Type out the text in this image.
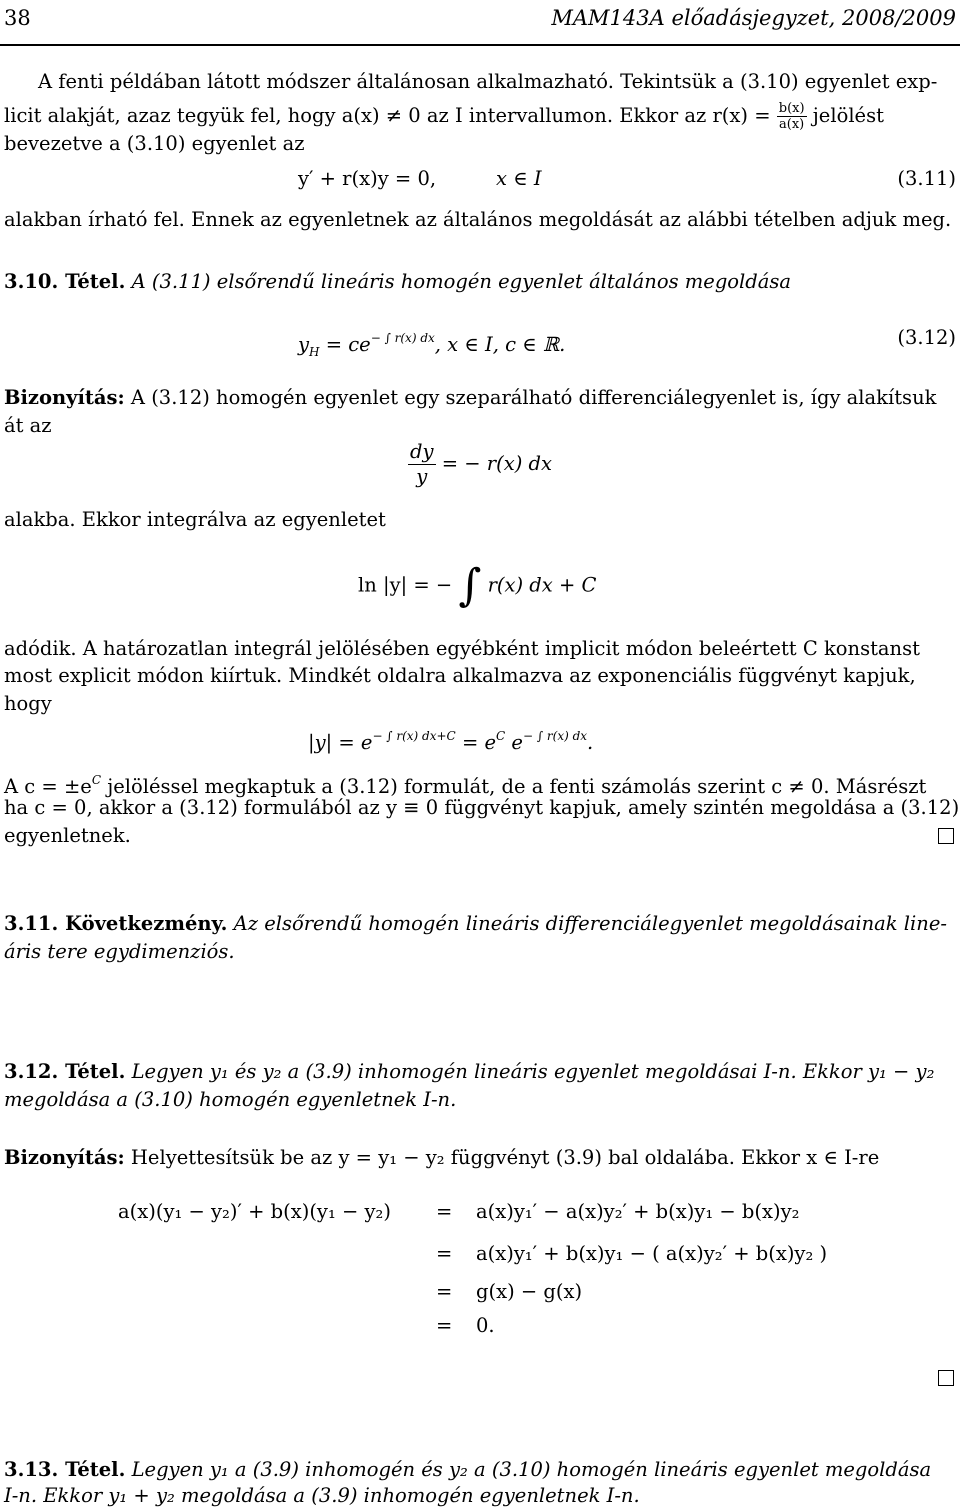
38	MAM143A előadásjegyzet, 2008/2009
A fenti példában látott módszer általánosan alkalmazható. Tekintsük a (3.10) egyenlet exp-
licit alakját, azaz tegyük fel, hogy a(x) ≠ 0 az I intervallumon. Ekkor az $r(x) = \frac{b(x)}{a(x)}$ jelölést
bevezetve a (3.10) egyenlet az
y′ + r(x)y = 0,	x ∈ I	(3.11)
alakban írható fel. Ennek az egyenletnek az általános megoldását az alábbi tételben adjuk meg.
3.10. Tétel. A (3.11) elsőrendű lineáris homogén egyenlet általános megoldása
$y_H = ce^{- \int r(x) dx}$, x ∈ I, c ∈ ℝ.	(3.12)
Bizonyítás: A (3.12) homogén egyenlet egy szeparálható differenciálegyenlet is, így alakítsuk
át az
$\frac{dy}{y}$ = − r(x) dx
alakba. Ekkor integrálva az egyenletet
ln |y| = − ∫ r(x) dx + C
adódik. A határozatlan integrál jelölésében egyébként implicit módon beleértett C konstanst
most explicit módon kiírtuk. Mindkét oldalra alkalmazva az exponenciális függvényt kapjuk,
hogy
$|y| = e^{- \int r(x) dx+C} = e^C$ $e^{- \int r(x) dx}$.
A $c = \pm e^C$ jelöléssel megkaptuk a (3.12) formulát, de a fenti számolás szerint c ≠ 0. Másrészt
ha c = 0, akkor a (3.12) formulából az y ≡ 0 függvényt kapjuk, amely szintén megoldása a (3.12)
egyenletnek.
3.11. Következmény. Az elsőrendű homogén lineáris differenciálegyenlet megoldásainak line-
áris tere egydimenziós.
3.12. Tétel. Legyen y₁ és y₂ a (3.9) inhomogén lineáris egyenlet megoldásai I-n. Ekkor y₁ − y₂
megoldása a (3.10) homogén egyenletnek I-n.
Bizonyítás: Helyettesítsük be az y = y₁ − y₂ függvényt (3.9) bal oldalába. Ekkor x ∈ I-re
a(x)(y₁ − y₂)′ + b(x)(y₁ − y₂) = a(x)y₁′ − a(x)y₂′ + b(x)y₁ − b(x)y₂
= a(x)y₁′ + b(x)y₁ − ( a(x)y₂′ + b(x)y₂ )
= g(x) − g(x)
= 0.
3.13. Tétel. Legyen y₁ a (3.9) inhomogén és y₂ a (3.10) homogén lineáris egyenlet megoldása
I-n. Ekkor y₁ + y₂ megoldása a (3.9) inhomogén egyenletnek I-n.
